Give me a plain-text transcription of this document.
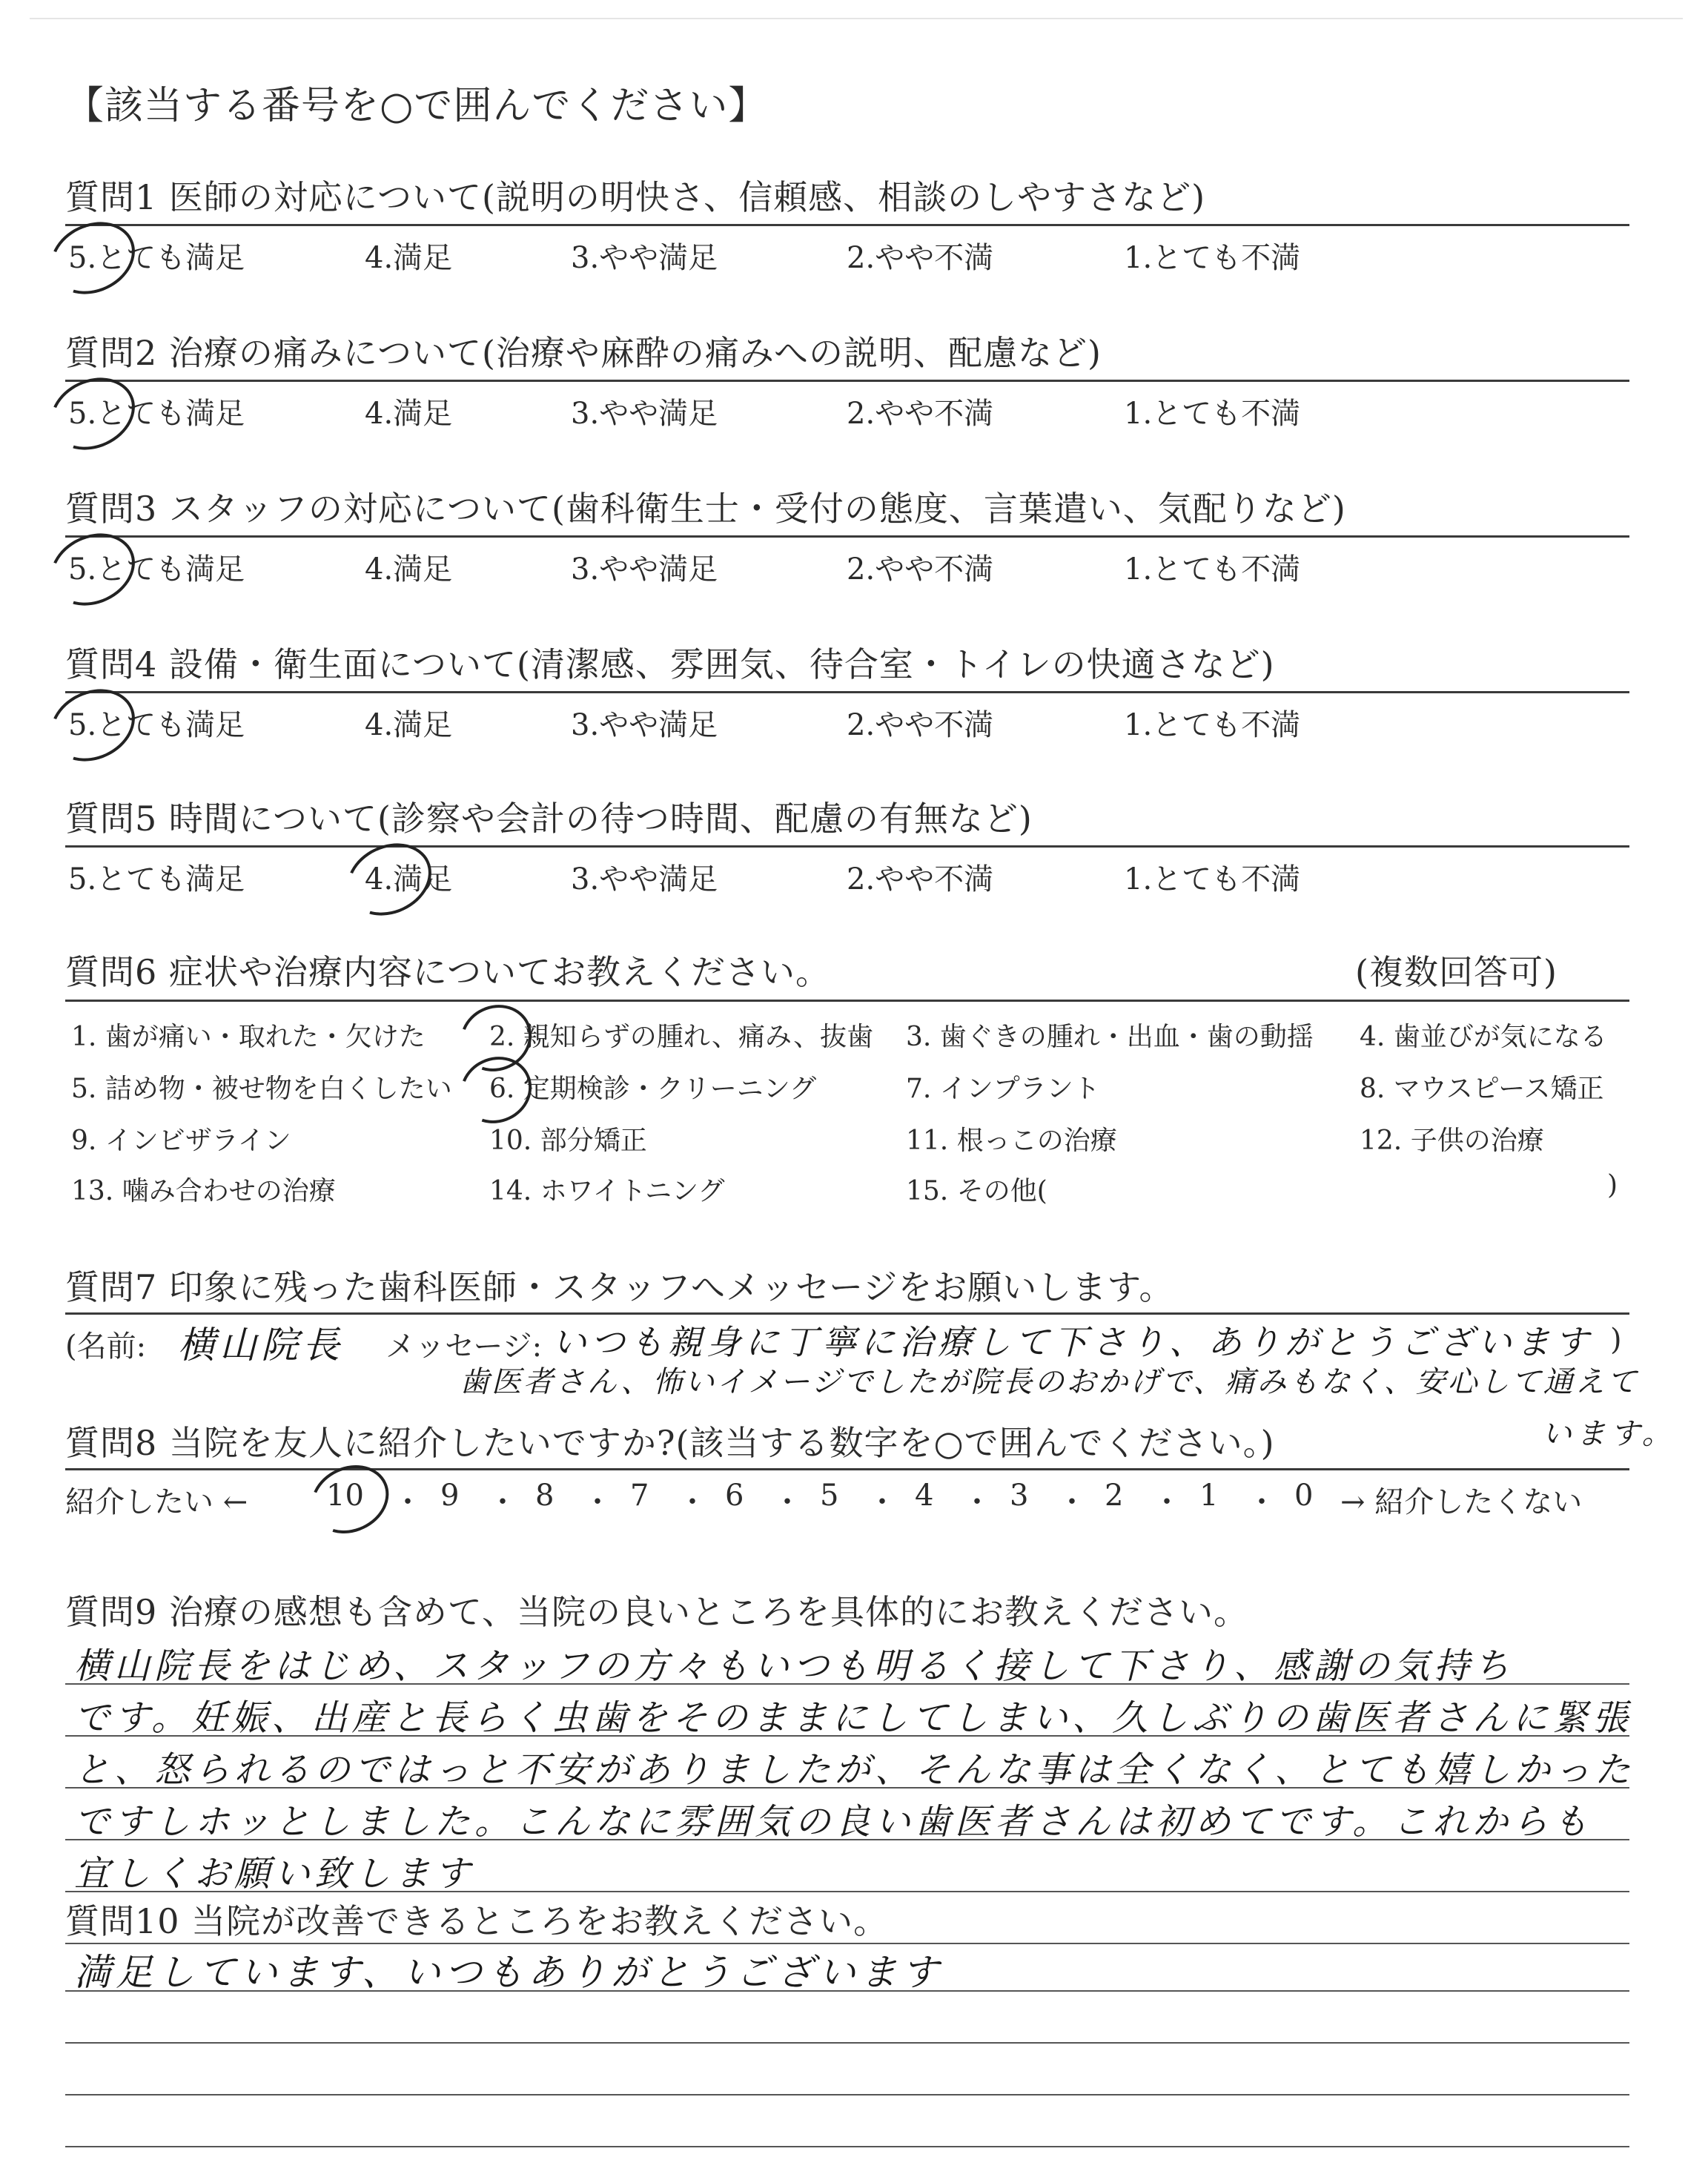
【該当する番号を○で囲んでください】
質問1 医師の対応について(説明の明快さ、信頼感、相談のしやすさなど)
5.とても満足	4.満足	3.やや満足	2.やや不満	1.とても不満
質問2 治療の痛みについて(治療や麻酔の痛みへの説明、配慮など)
5.とても満足	4.満足	3.やや満足	2.やや不満	1.とても不満
質問3 スタッフの対応について(歯科衛生士・受付の態度、言葉遣い、気配りなど)
5.とても満足	4.満足	3.やや満足	2.やや不満	1.とても不満
質問4 設備・衛生面について(清潔感、雰囲気、待合室・トイレの快適さなど)
5.とても満足	4.満足	3.やや満足	2.やや不満	1.とても不満
質問5 時間について(診察や会計の待つ時間、配慮の有無など)
5.とても満足	4.満足	3.やや満足	2.やや不満	1.とても不満
質問6 症状や治療内容についてお教えください。	(複数回答可)
1. 歯が痛い・取れた・欠けた 2. 親知らずの腫れ、痛み、抜歯 3. 歯ぐきの腫れ・出血・歯の動揺 4. 歯並びが気になる
5. 詰め物・被せ物を白くしたい 6. 定期検診・クリーニング	7. インプラント	8. マウスピース矯正
9. インビザライン	10. 部分矯正	11. 根っこの治療	12. 子供の治療
13. 噛み合わせの治療	14. ホワイトニング	15. その他(	)
質問7 印象に残った歯科医師・スタッフへメッセージをお願いします。
(名前: 横山院長 メッセージ: いつも親身に丁寧に治療して下さり、ありがとうございます )
歯医者さん、怖いイメージでしたが院長のおかげで、痛みもなく、安心して通えて
います。
質問8 当院を友人に紹介したいですか?(該当する数字を○で囲んでください。)
紹介したい ←	10 ・ 9 ・ 8 ・ 7 ・ 6 ・ 5 ・ 4 ・ 3 ・ 2 ・ 1 ・ 0 → 紹介したくない
質問9 治療の感想も含めて、当院の良いところを具体的にお教えください。
横山院長をはじめ、スタッフの方々もいつも明るく接して下さり、感謝の気持ち
です。妊娠、出産と長らく虫歯をそのままにしてしまい、久しぶりの歯医者さんに緊張
と、怒られるのではっと不安がありましたが、そんな事は全くなく、とても嬉しかった
ですしホッとしました。こんなに雰囲気の良い歯医者さんは初めてです。これからも
宜しくお願い致します
質問10 当院が改善できるところをお教えください。
満足しています、いつもありがとうございます
